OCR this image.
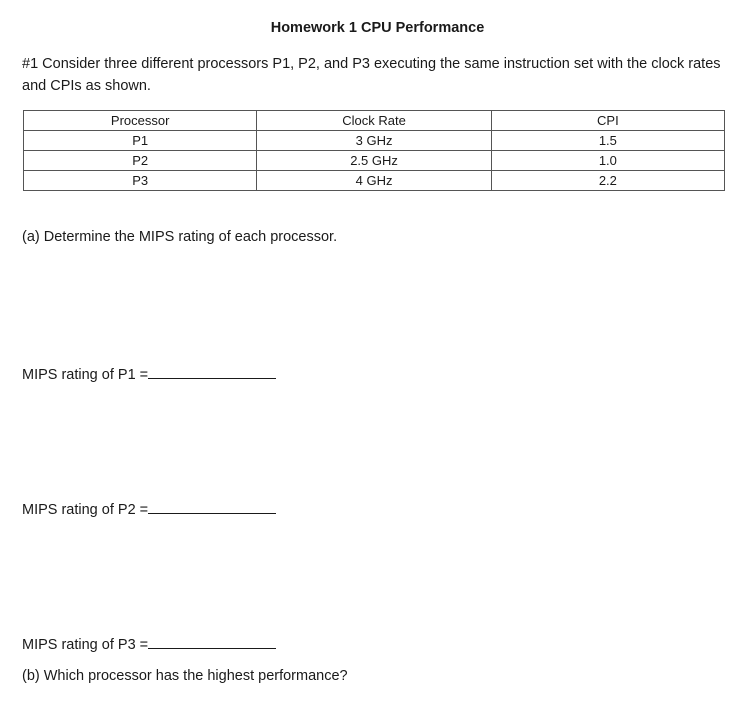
Homework 1 CPU Performance
#1 Consider three different processors P1, P2, and P3 executing the same instruction set with the clock rates and CPIs as shown.
Processor	Clock Rate	CPI
P1	3 GHz	1.5
P2	2.5 GHz	1.0
P3	4 GHz	2.2
(a) Determine the MIPS rating of each processor.
MIPS rating of P1 =
MIPS rating of P2 =
MIPS rating of P3 =
(b) Which processor has the highest performance?
